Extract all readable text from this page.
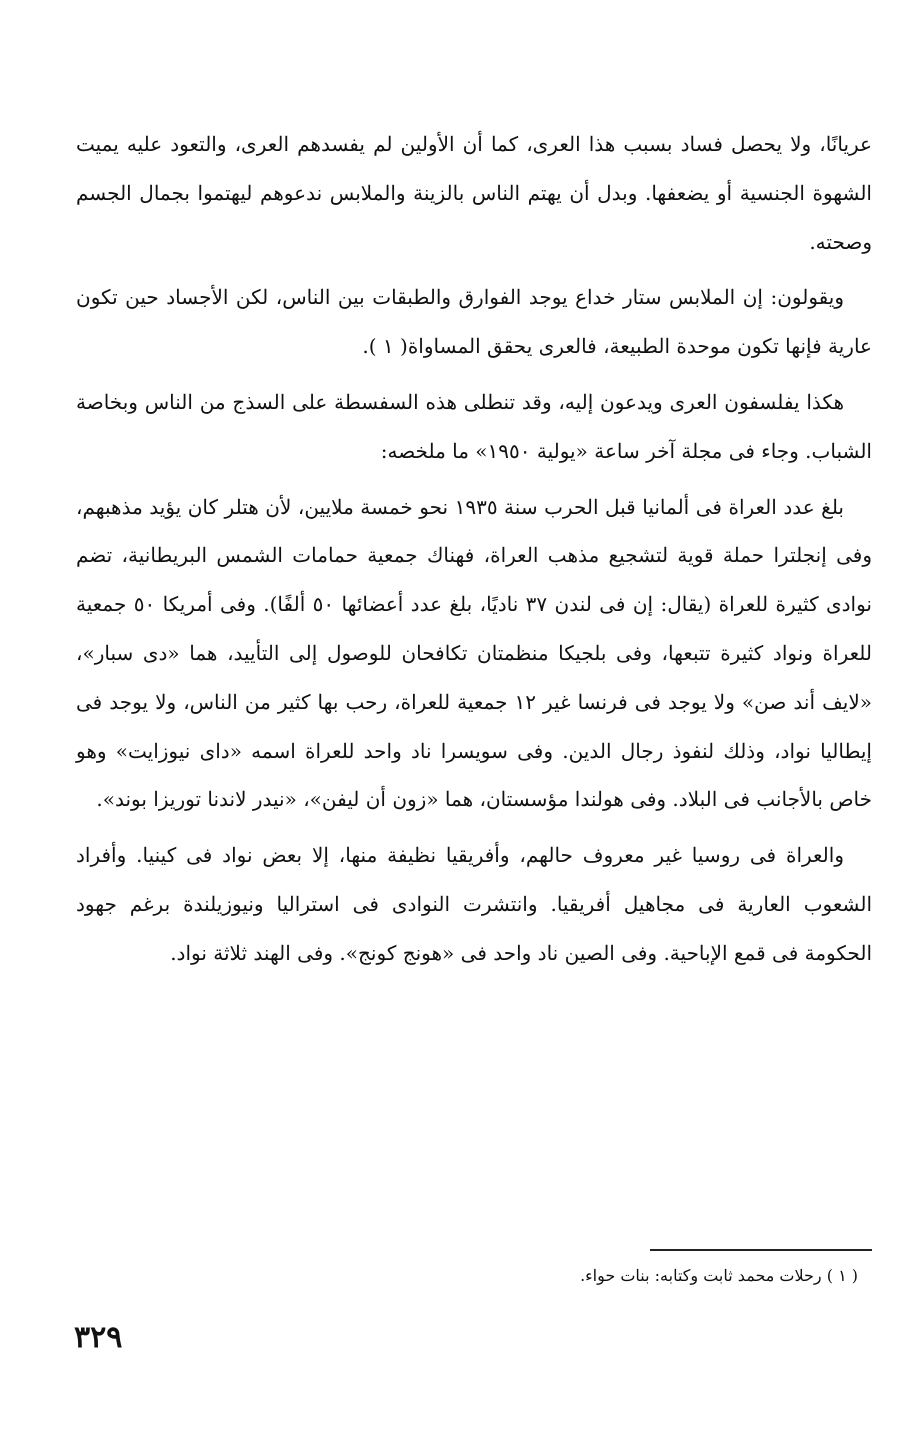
عريانًا، ولا يحصل فساد بسبب هذا العرى، كما أن الأولين لم يفسدهم العرى، والتعود عليه يميت الشهوة الجنسية أو يضعفها. وبدل أن يهتم الناس بالزينة والملابس ندعوهم ليهتموا بجمال الجسم وصحته.

ويقولون: إن الملابس ستار خداع يوجد الفوارق والطبقات بين الناس، لكن الأجساد حين تكون عارية فإنها تكون موحدة الطبيعة، فالعرى يحقق المساواة( ١ ).

هكذا يفلسفون العرى ويدعون إليه، وقد تنطلى هذه السفسطة على السذج من الناس وبخاصة الشباب. وجاء فى مجلة آخر ساعة «يولية ١٩٥٠» ما ملخصه:

بلغ عدد العراة فى ألمانيا قبل الحرب سنة ١٩٣٥ نحو خمسة ملايين، لأن هتلر كان يؤيد مذهبهم، وفى إنجلترا حملة قوية لتشجيع مذهب العراة، فهناك جمعية حمامات الشمس البريطانية، تضم نوادى كثيرة للعراة (يقال: إن فى لندن ٣٧ ناديًا، بلغ عدد أعضائها ٥٠ ألفًا). وفى أمريكا ٥٠ جمعية للعراة ونواد كثيرة تتبعها، وفى بلجيكا منظمتان تكافحان للوصول إلى التأييد، هما «دى سبار»، «لايف أند صن» ولا يوجد فى فرنسا غير ١٢ جمعية للعراة، رحب بها كثير من الناس، ولا يوجد فى إيطاليا نواد، وذلك لنفوذ رجال الدين. وفى سويسرا ناد واحد للعراة اسمه «داى نيوزايت» وهو خاص بالأجانب فى البلاد. وفى هولندا مؤسستان، هما «زون أن ليفن»، «نيدر لاندنا توريزا بوند».

والعراة فى روسيا غير معروف حالهم، وأفريقيا نظيفة منها، إلا بعض نواد فى كينيا. وأفراد الشعوب العارية فى مجاهيل أفريقيا. وانتشرت النوادى فى استراليا ونيوزيلندة برغم جهود الحكومة فى قمع الإباحية. وفى الصين ناد واحد فى «هونج كونج». وفى الهند ثلاثة نواد.

( ١ ) رحلات محمد ثابت وكتابه: بنات حواء.
٣٢٩
